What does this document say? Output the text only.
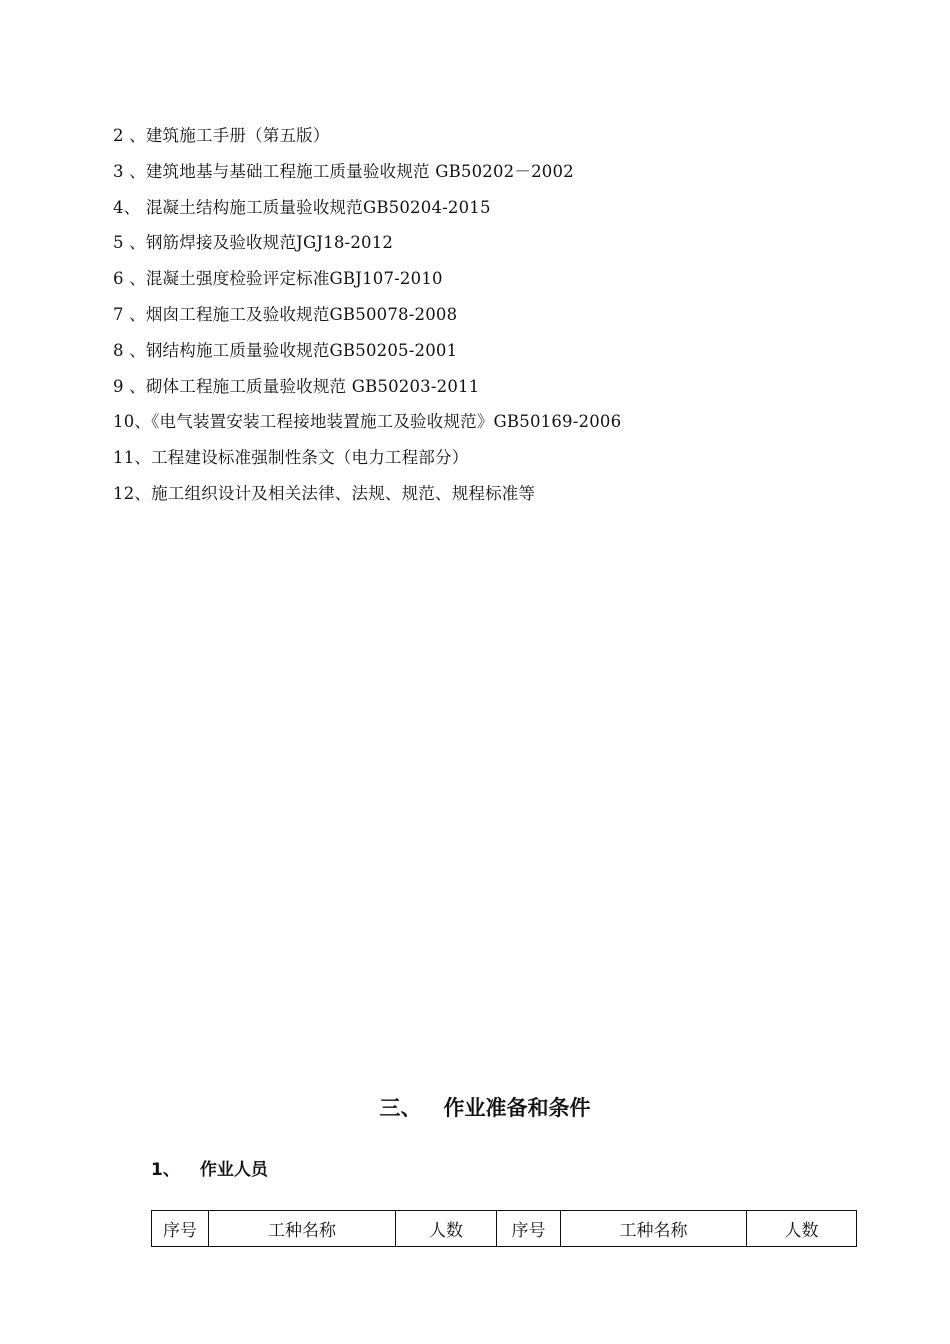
2 、建筑施工手册（第五版）
3 、建筑地基与基础工程施工质量验收规范 GB50202－2002
4、 混凝土结构施工质量验收规范GB50204-2015
5 、钢筋焊接及验收规范JGJ18-2012
6 、混凝土强度检验评定标准GBJ107-2010
7 、烟囱工程施工及验收规范GB50078-2008
8 、钢结构施工质量验收规范GB50205-2001
9 、砌体工程施工质量验收规范 GB50203-2011
10、《电气装置安装工程接地装置施工及验收规范》GB50169-2006
11、工程建设标准强制性条文（电力工程部分）
12、施工组织设计及相关法律、法规、规范、规程标准等
三、 作业准备和条件
1、 作业人员
序号	工种名称	人数	序号	工种名称	人数
